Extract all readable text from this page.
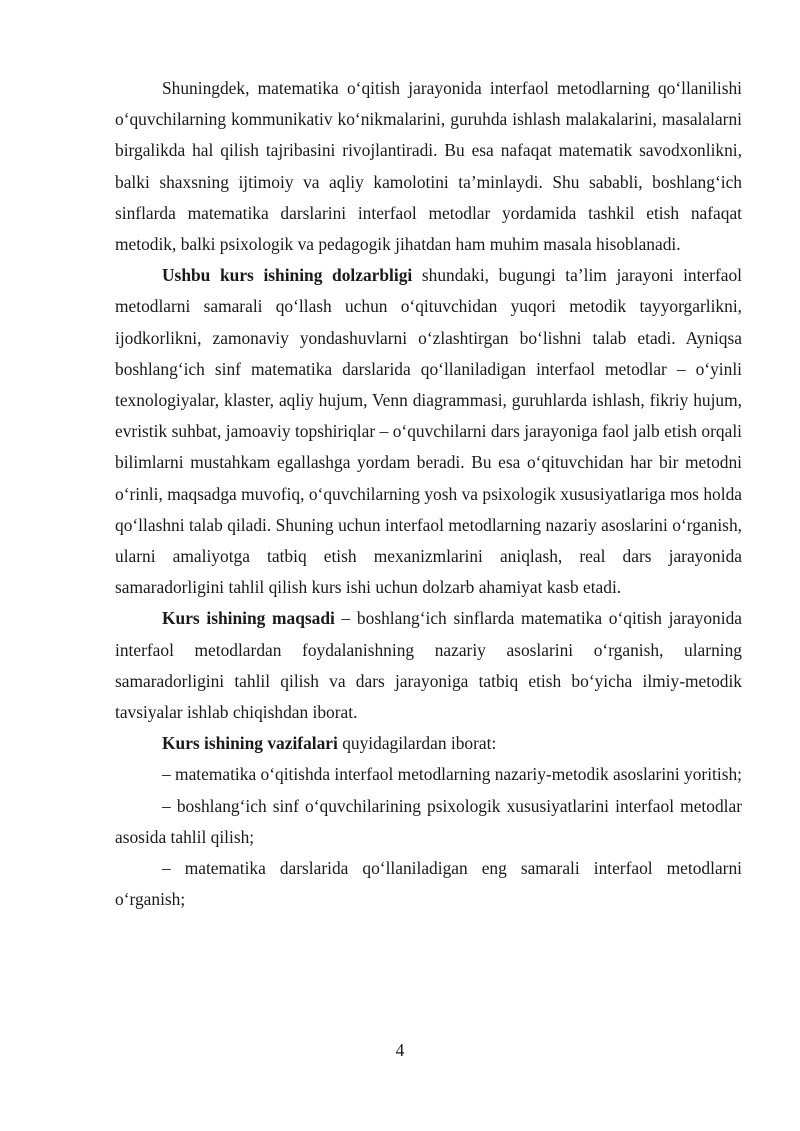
Shuningdek, matematika o‘qitish jarayonida interfaol metodlarning qo‘llanilishi o‘quvchilarning kommunikativ ko‘nikmalarini, guruhda ishlash malakalarini, masalalarni birgalikda hal qilish tajribasini rivojlantiradi. Bu esa nafaqat matematik savodxonlikni, balki shaxsning ijtimoiy va aqliy kamolotini ta’minlaydi. Shu sababli, boshlang‘ich sinflarda matematika darslarini interfaol metodlar yordamida tashkil etish nafaqat metodik, balki psixologik va pedagogik jihatdan ham muhim masala hisoblanadi.

Ushbu kurs ishining dolzarbligi shundaki, bugungi ta’lim jarayoni interfaol metodlarni samarali qo‘llash uchun o‘qituvchidan yuqori metodik tayyorgarlikni, ijodkorlikni, zamonaviy yondashuvlarni o‘zlashtirgan bo‘lishni talab etadi. Ayniqsa boshlang‘ich sinf matematika darslarida qo‘llaniladigan interfaol metodlar – o‘yinli texnologiyalar, klaster, aqliy hujum, Venn diagrammasi, guruhlarda ishlash, fikriy hujum, evristik suhbat, jamoaviy topshiriqlar – o‘quvchilarni dars jarayoniga faol jalb etish orqali bilimlarni mustahkam egallashga yordam beradi. Bu esa o‘qituvchidan har bir metodni o‘rinli, maqsadga muvofiq, o‘quvchilarning yosh va psixologik xususiyatlariga mos holda qo‘llashni talab qiladi. Shuning uchun interfaol metodlarning nazariy asoslarini o‘rganish, ularni amaliyotga tatbiq etish mexanizmlarini aniqlash, real dars jarayonida samaradorligini tahlil qilish kurs ishi uchun dolzarb ahamiyat kasb etadi.

Kurs ishining maqsadi – boshlang‘ich sinflarda matematika o‘qitish jarayonida interfaol metodlardan foydalanishning nazariy asoslarini o‘rganish, ularning samaradorligini tahlil qilish va dars jarayoniga tatbiq etish bo‘yicha ilmiy-metodik tavsiyalar ishlab chiqishdan iborat.

Kurs ishining vazifalari quyidagilardan iborat:

– matematika o‘qitishda interfaol metodlarning nazariy-metodik asoslarini yoritish;

– boshlang‘ich sinf o‘quvchilarining psixologik xususiyatlarini interfaol metodlar asosida tahlil qilish;

– matematika darslarida qo‘llaniladigan eng samarali interfaol metodlarni o‘rganish;

4
